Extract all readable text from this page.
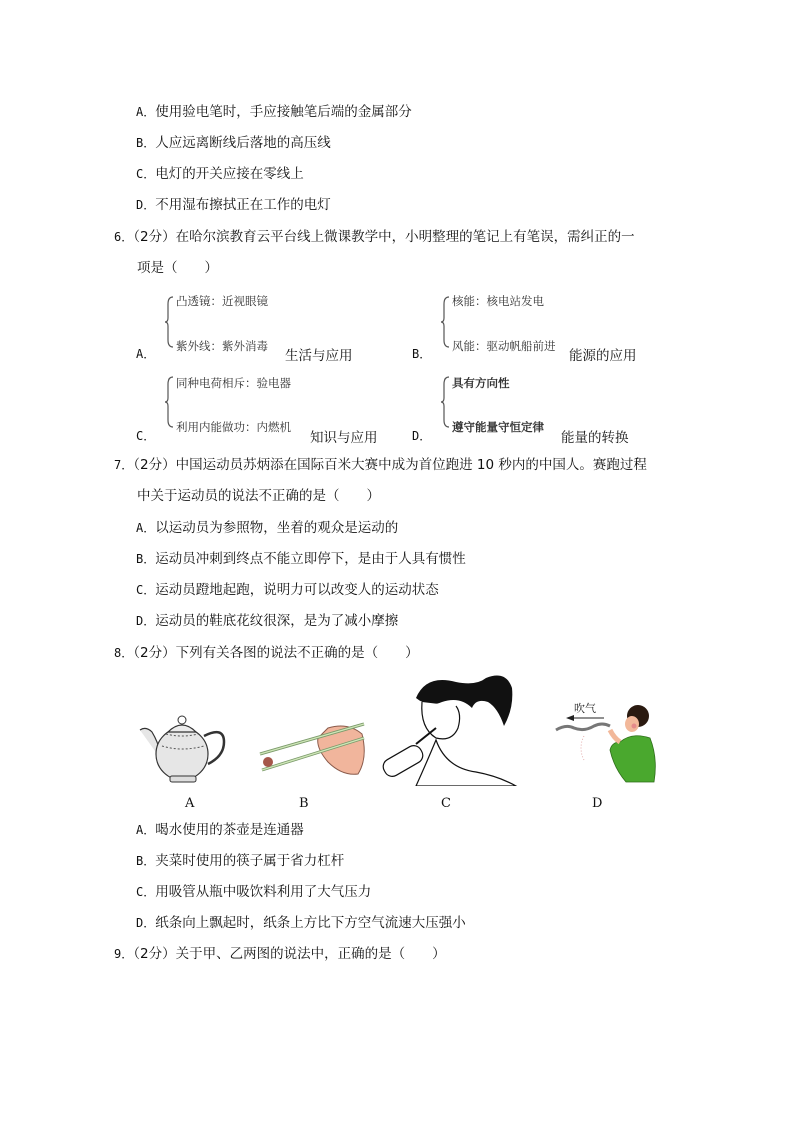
A．使用验电笔时，手应接触笔后端的金属部分
B．人应远离断线后落地的高压线
C．电灯的开关应接在零线上
D．不用湿布擦拭正在工作的电灯
6．（2分）在哈尔滨教育云平台线上微课教学中，小明整理的笔记上有笔误，需纠正的一
项是（　　）
A．
凸透镜：近视眼镜
紫外线：紫外消毒
生活与应用	B．
核能：核电站发电
风能：驱动帆船前进
能源的应用
C．
同种电荷相斥：验电器
利用内能做功：内燃机
知识与应用	D．
具有方向性
遵守能量守恒定律
能量的转换
7．（2分）中国运动员苏炳添在国际百米大赛中成为首位跑进 10 秒内的中国人。赛跑过程
中关于运动员的说法不正确的是（　　）
A．以运动员为参照物，坐着的观众是运动的
B．运动员冲刺到终点不能立即停下，是由于人具有惯性
C．运动员蹬地起跑，说明力可以改变人的运动状态
D．运动员的鞋底花纹很深，是为了减小摩擦
8．（2分）下列有关各图的说法不正确的是（　　）
A	B	C
吹气
D
A．喝水使用的茶壶是连通器
B．夹菜时使用的筷子属于省力杠杆
C．用吸管从瓶中吸饮料利用了大气压力
D．纸条向上飘起时，纸条上方比下方空气流速大压强小
9．（2分）关于甲、乙两图的说法中，正确的是（　　）
